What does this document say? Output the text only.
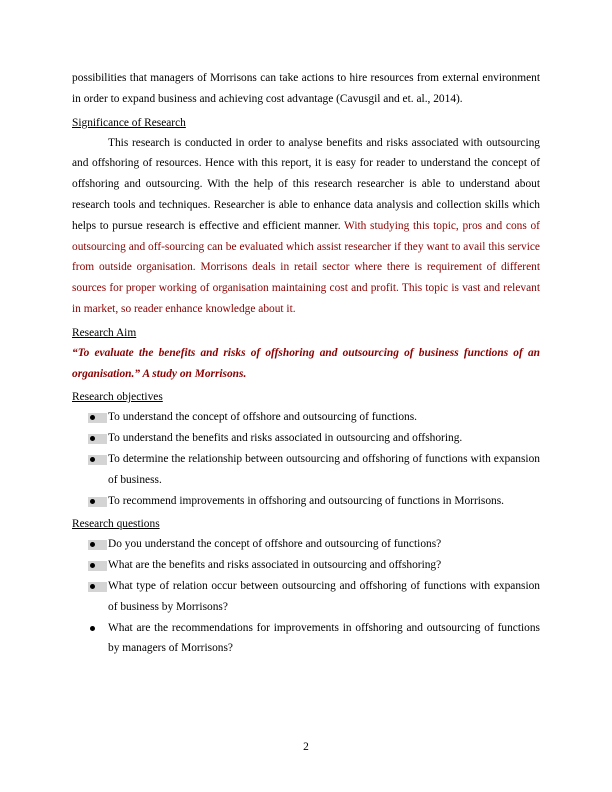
possibilities that managers of Morrisons can take actions to hire resources from external environment in order to expand business and achieving cost advantage (Cavusgil and et. al., 2014).

Significance of Research

This research is conducted in order to analyse benefits and risks associated with outsourcing and offshoring of resources. Hence with this report, it is easy for reader to understand the concept of offshoring and outsourcing. With the help of this research researcher is able to understand about research tools and techniques. Researcher is able to enhance data analysis and collection skills which helps to pursue research is effective and efficient manner. With studying this topic, pros and cons of outsourcing and off-sourcing can be evaluated which assist researcher if they want to avail this service from outside organisation. Morrisons deals in retail sector where there is requirement of different sources for proper working of organisation maintaining cost and profit. This topic is vast and relevant in market, so reader enhance knowledge about it.

Research Aim

“To evaluate the benefits and risks of offshoring and outsourcing of business functions of an organisation.” A study on Morrisons.

Research objectives
To understand the concept of offshore and outsourcing of functions.
To understand the benefits and risks associated in outsourcing and offshoring.
To determine the relationship between outsourcing and offshoring of functions with expansion of business.
To recommend improvements in offshoring and outsourcing of functions in Morrisons.
Research questions
Do you understand the concept of offshore and outsourcing of functions?
What are the benefits and risks associated in outsourcing and offshoring?
What type of relation occur between outsourcing and offshoring of functions with expansion of business by Morrisons?
What are the recommendations for improvements in offshoring and outsourcing of functions by managers of Morrisons?
2
